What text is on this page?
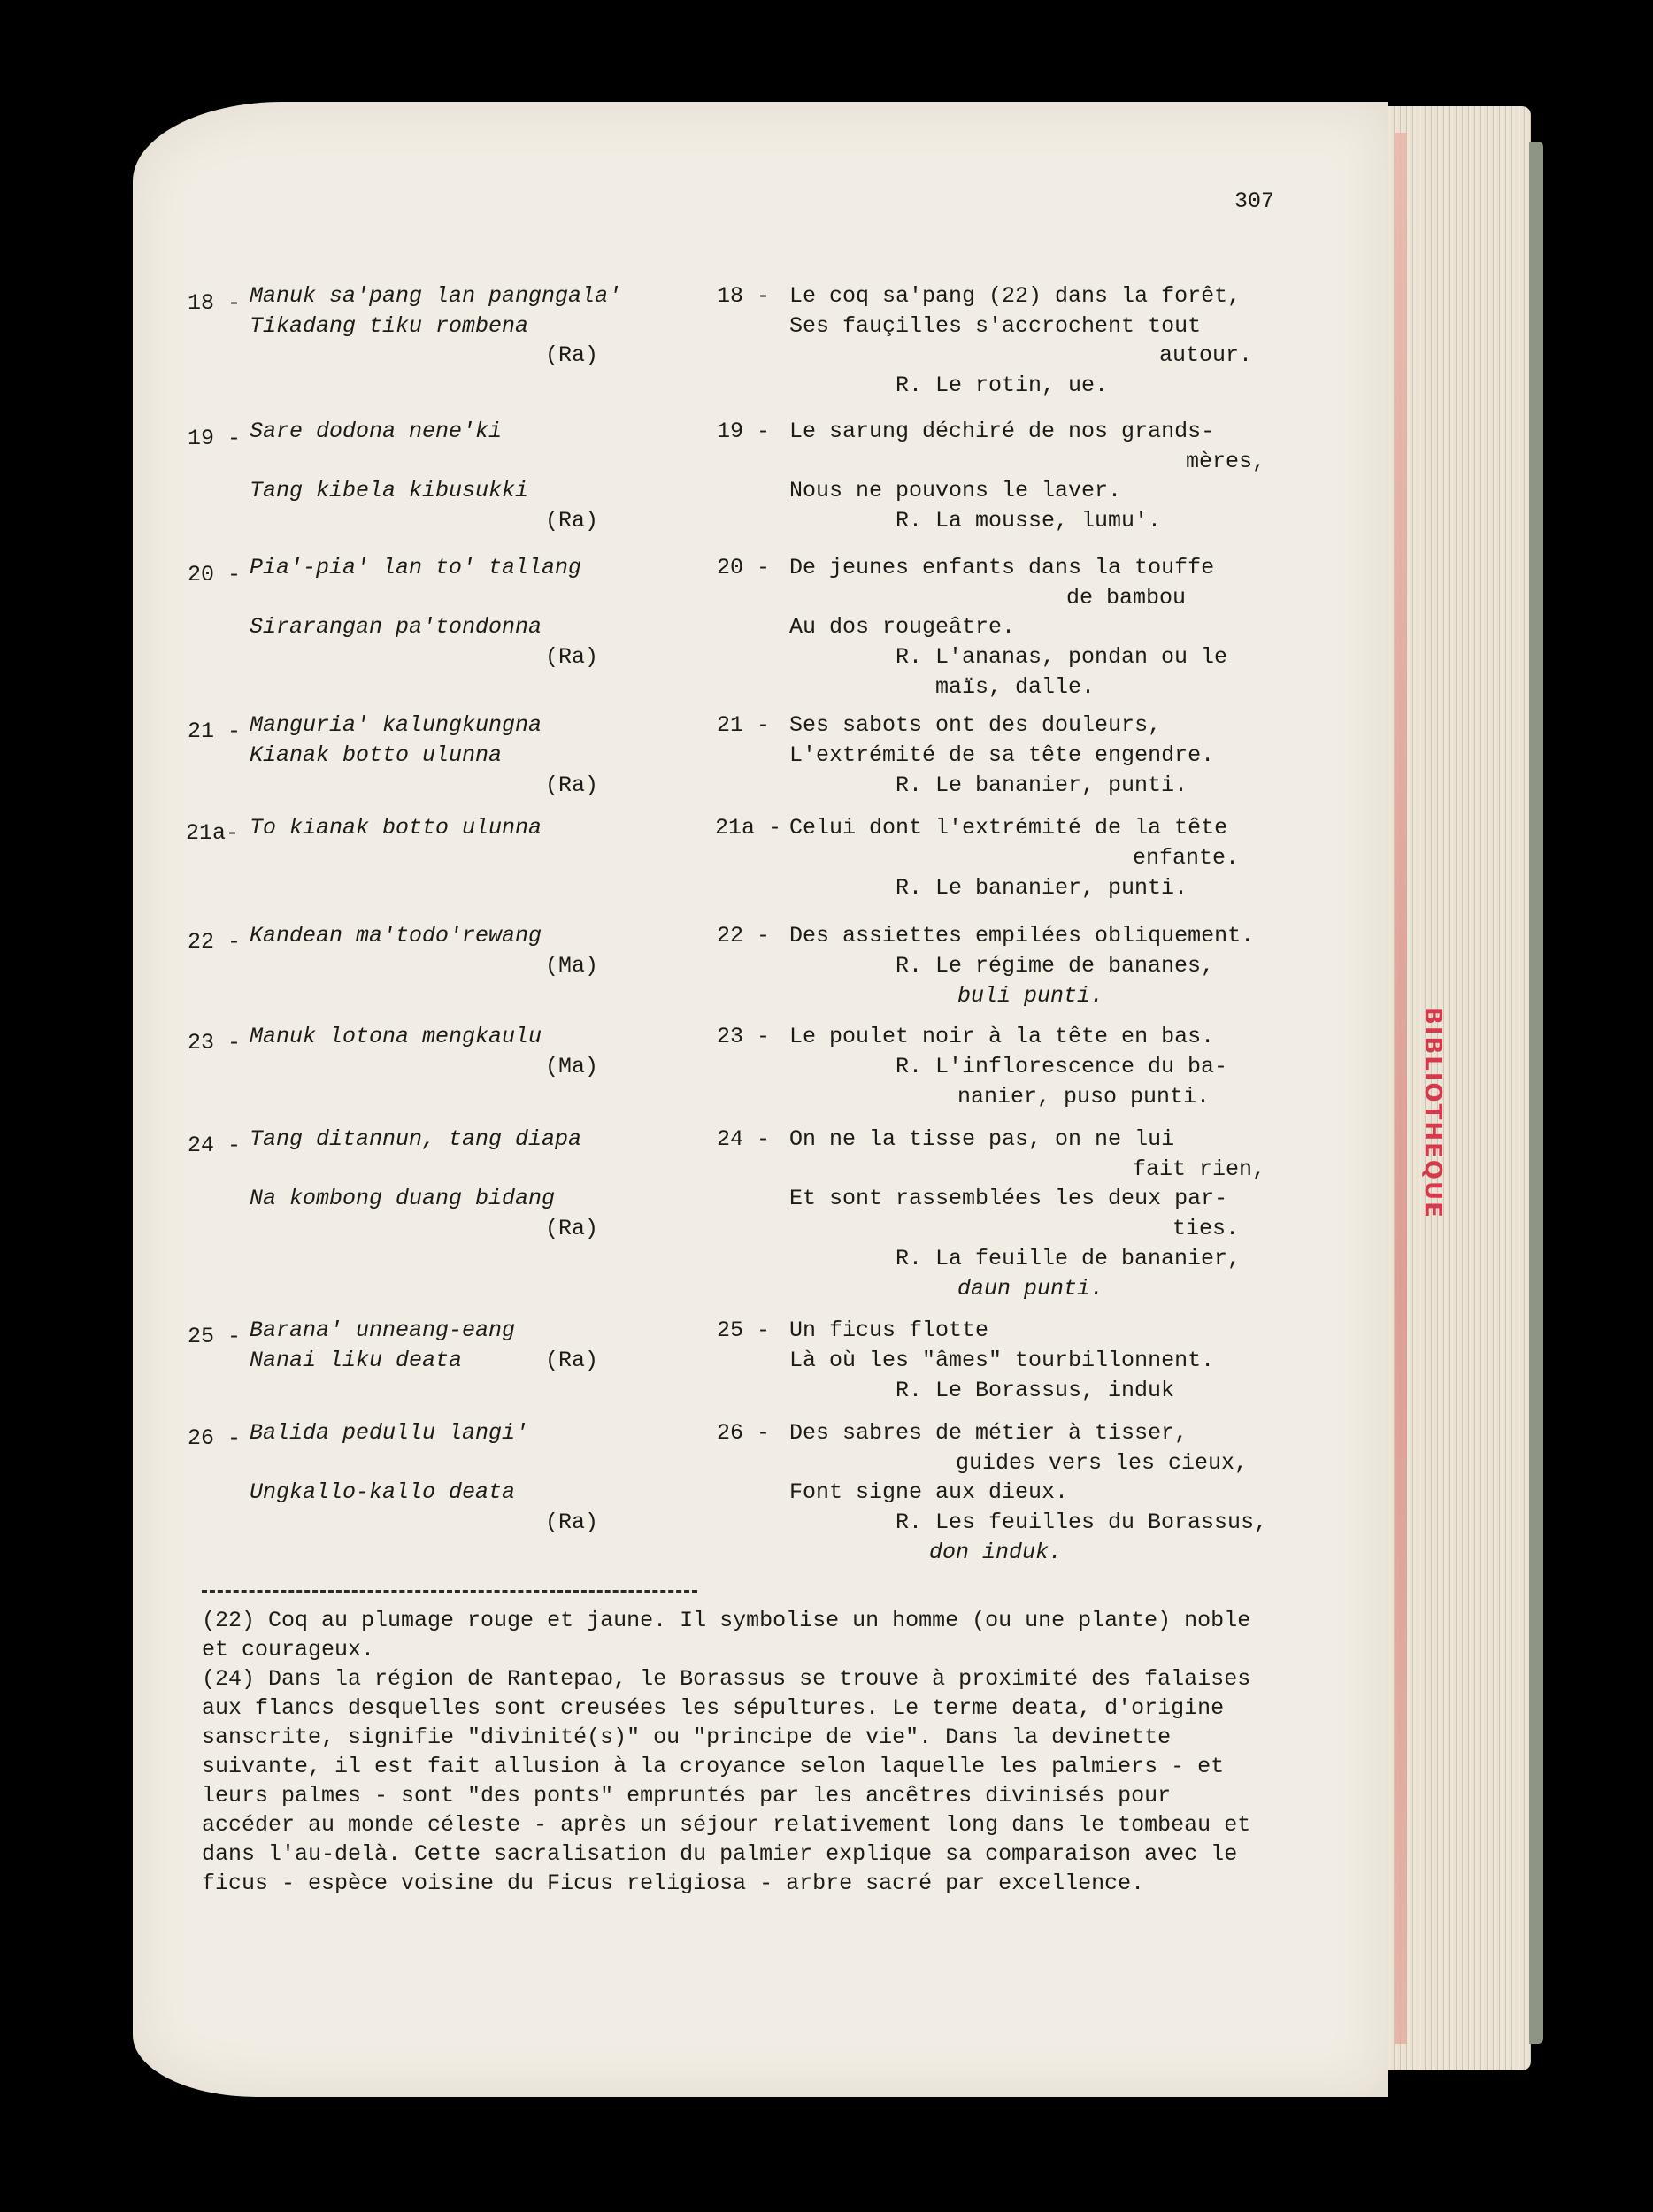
BIBLIOTHEQUE
307
18 - Manuk sa'pang lan pangngala'
Tikadang tiku rombena
(Ra)
18 - Le coq sa'pang (22) dans la forêt,
Ses fauçilles s'accrochent tout
autour.
R. Le rotin, ue.
19 - Sare dodona nene'ki
Tang kibela kibusukki
(Ra)
19 - Le sarung déchiré de nos grands-
mères,
Nous ne pouvons le laver.
R. La mousse, lumu'.
20 - Pia'-pia' lan to' tallang
Sirarangan pa'tondonna
(Ra)
20 - De jeunes enfants dans la touffe
de bambou
Au dos rougeâtre.
R. L'ananas, pondan ou le
maïs, dalle.
21 - Manguria' kalungkungna
Kianak botto ulunna
(Ra)
21 - Ses sabots ont des douleurs,
L'extrémité de sa tête engendre.
R. Le bananier, punti.
21a- To kianak botto ulunna	21a - Celui dont l'extrémité de la tête
enfante.
R. Le bananier, punti.
22 - Kandean ma'todo'rewang
(Ma)
22 - Des assiettes empilées obliquement.
R. Le régime de bananes,
buli punti.
23 - Manuk lotona mengkaulu
(Ma)
23 - Le poulet noir à la tête en bas.
R. L'inflorescence du ba-
nanier, puso punti.
24 - Tang ditannun, tang diapa
Na kombong duang bidang
(Ra)
24 - On ne la tisse pas, on ne lui
fait rien,
Et sont rassemblées les deux par-
ties.
R. La feuille de bananier,
daun punti.
25 - Barana' unneang-eang
Nanai liku deata	(Ra)
25 - Un ficus flotte
Là où les "âmes" tourbillonnent.
R. Le Borassus, induk
26 - Balida pedullu langi'
Ungkallo-kallo deata
(Ra)
26 - Des sabres de métier à tisser,
guides vers les cieux,
Font signe aux dieux.
R. Les feuilles du Borassus,
don induk.

(22) Coq au plumage rouge et jaune. Il symbolise un homme (ou une plante) noble et courageux.

(24) Dans la région de Rantepao, le Borassus se trouve à proximité des falaises aux flancs desquelles sont creusées les sépultures. Le terme deata, d'origine sanscrite, signifie "divinité(s)" ou "principe de vie". Dans la devinette suivante, il est fait allusion à la croyance selon laquelle les palmiers - et leurs palmes - sont "des ponts" empruntés par les ancêtres divinisés pour accéder au monde céleste - après un séjour relativement long dans le tombeau et dans l'au-delà. Cette sacralisation du palmier explique sa comparaison avec le ficus - espèce voisine du Ficus religiosa - arbre sacré par excellence.
